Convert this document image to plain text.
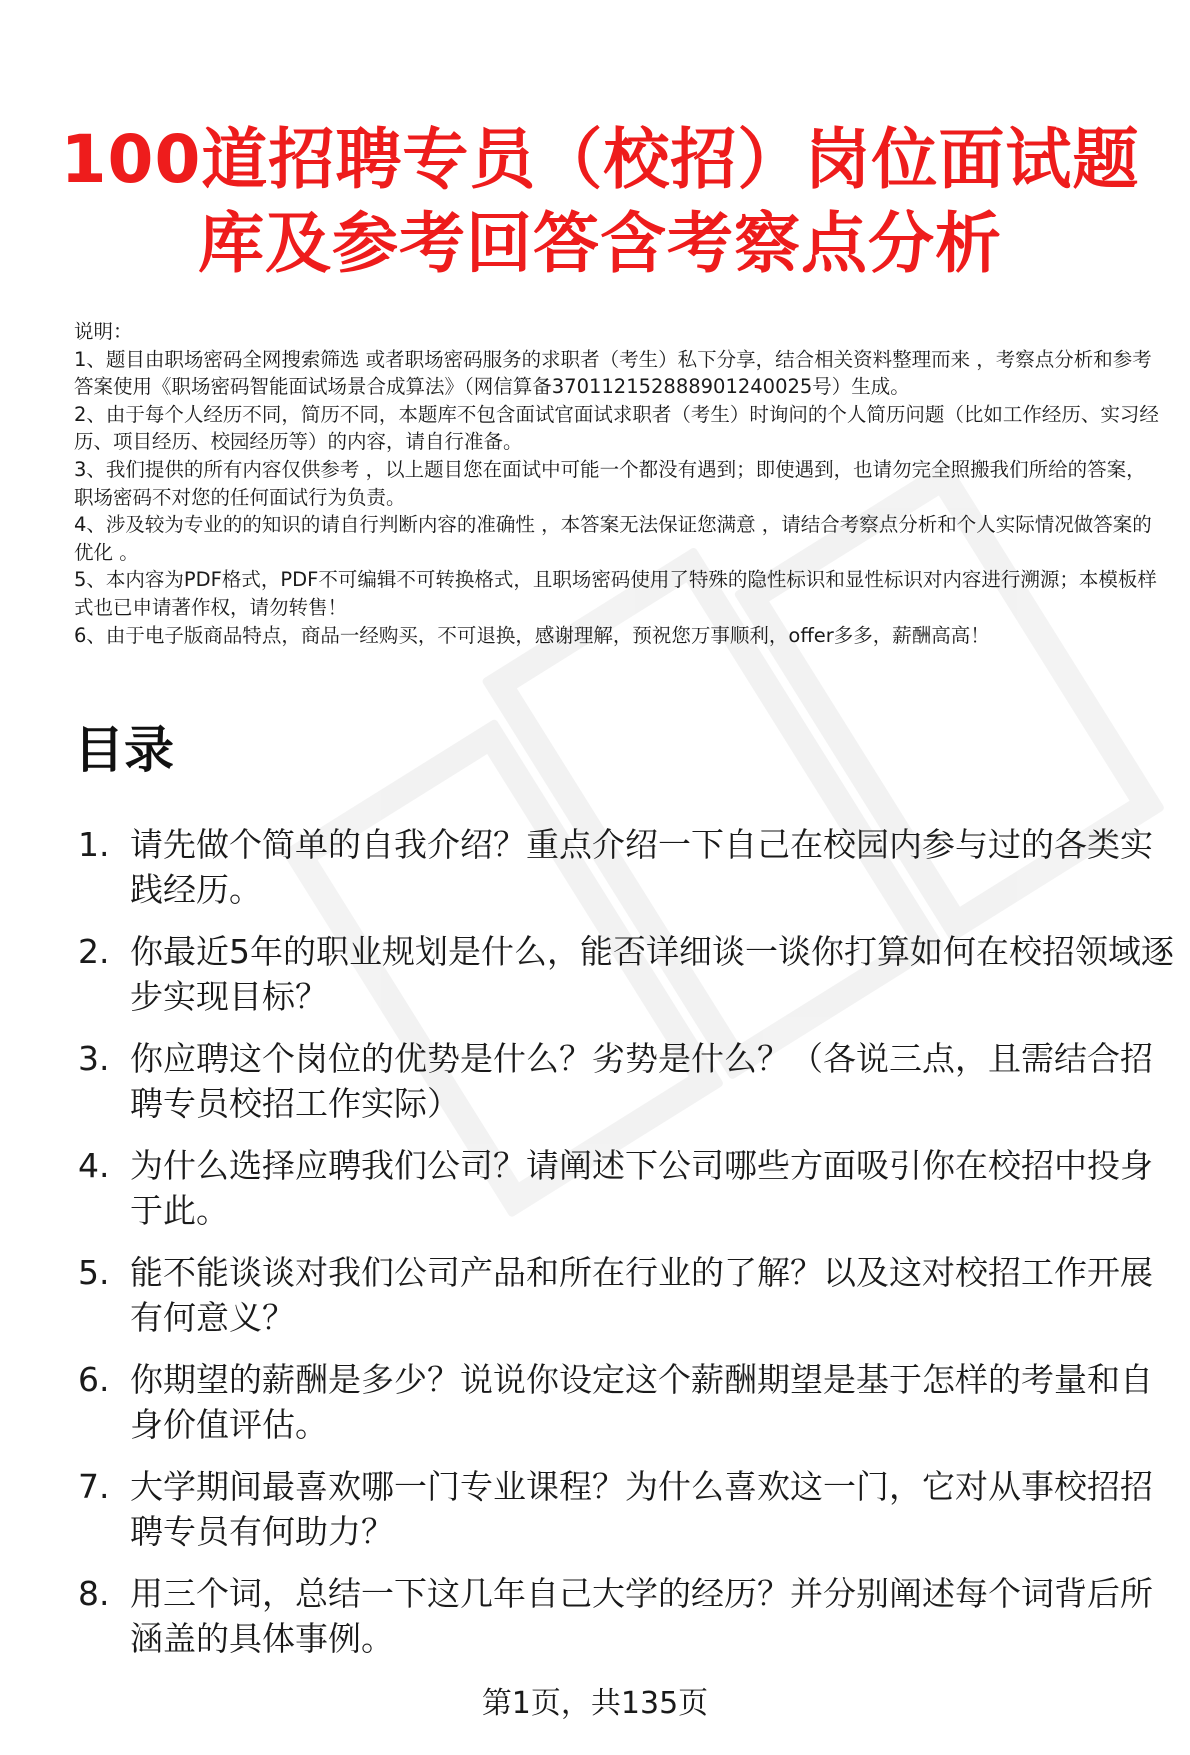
100道招聘专员（校招）岗位面试题库及参考回答含考察点分析

说明：

1、题目由职场密码全网搜索筛选 或者职场密码服务的求职者（考生）私下分享，结合相关资料整理而来 ，考察点分析和参考答案使用《职场密码智能面试场景合成算法》（网信算备370112152888901240025号）生成。

2、由于每个人经历不同，简历不同，本题库不包含面试官面试求职者（考生）时询问的个人简历问题（比如工作经历、实习经历、项目经历、校园经历等）的内容，请自行准备。

3、我们提供的所有内容仅供参考 ，以上题目您在面试中可能一个都没有遇到；即使遇到，也请勿完全照搬我们所给的答案，职场密码不对您的任何面试行为负责。

4、涉及较为专业的的知识的请自行判断内容的准确性 ，本答案无法保证您满意 ，请结合考察点分析和个人实际情况做答案的优化 。

5、本内容为PDF格式，PDF不可编辑不可转换格式，且职场密码使用了特殊的隐性标识和显性标识对内容进行溯源；本模板样式也已申请著作权，请勿转售！

6、由于电子版商品特点，商品一经购买，不可退换，感谢理解，预祝您万事顺利，offer多多，薪酬高高！

目录
1. 请先做个简单的自我介绍？重点介绍一下自己在校园内参与过的各类实践经历。
2. 你最近5年的职业规划是什么，能否详细谈一谈你打算如何在校招领域逐步实现目标？
3. 你应聘这个岗位的优势是什么？劣势是什么？（各说三点，且需结合招聘专员校招工作实际）
4. 为什么选择应聘我们公司？请阐述下公司哪些方面吸引你在校招中投身于此。
5. 能不能谈谈对我们公司产品和所在行业的了解？以及这对校招工作开展有何意义？
6. 你期望的薪酬是多少？说说你设定这个薪酬期望是基于怎样的考量和自身价值评估。
7. 大学期间最喜欢哪一门专业课程？为什么喜欢这一门，它对从事校招招聘专员有何助力？
8. 用三个词，总结一下这几年自己大学的经历？并分别阐述每个词背后所涵盖的具体事例。
第1页，共135页
